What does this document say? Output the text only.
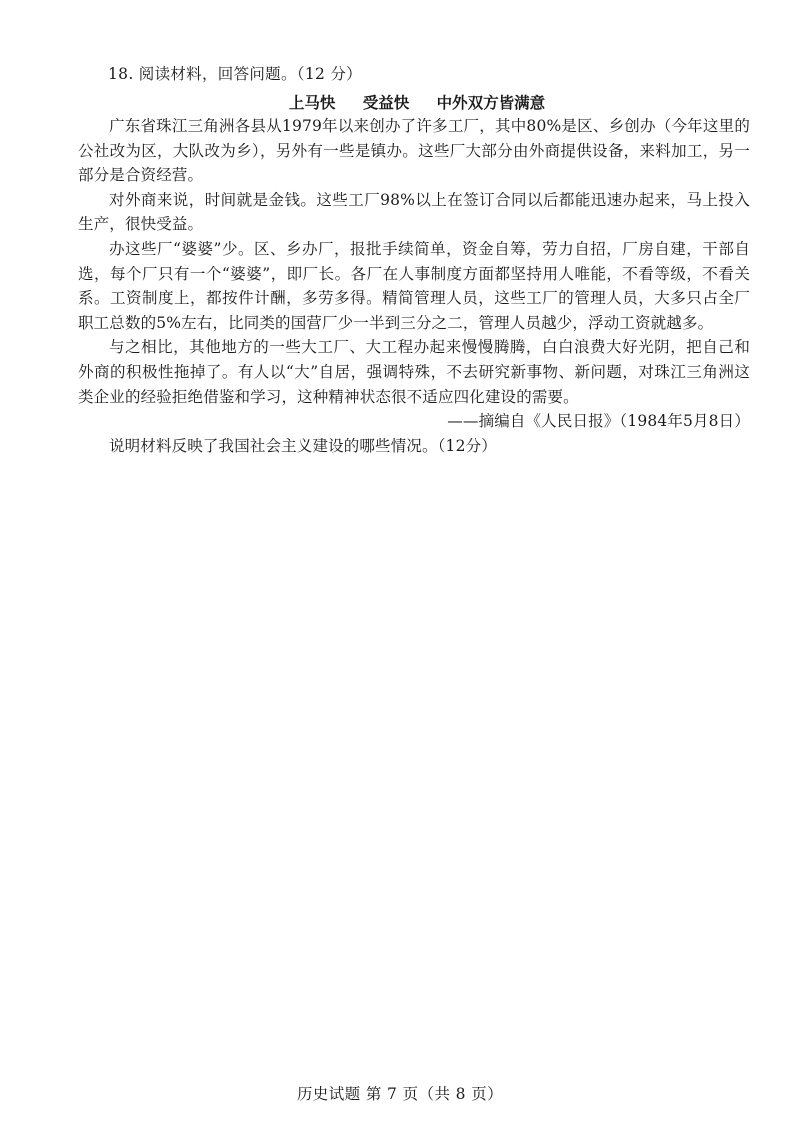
18. 阅读材料，回答问题。（12 分）
上马快 受益快 中外双方皆满意

广东省珠江三角洲各县从1979年以来创办了许多工厂，其中80%是区、乡创办（今年这里的公社改为区，大队改为乡），另外有一些是镇办。这些厂大部分由外商提供设备，来料加工，另一部分是合资经营。

对外商来说，时间就是金钱。这些工厂98%以上在签订合同以后都能迅速办起来，马上投入生产，很快受益。

办这些厂“婆婆”少。区、乡办厂，报批手续简单，资金自筹，劳力自招，厂房自建，干部自选，每个厂只有一个“婆婆”，即厂长。各厂在人事制度方面都坚持用人唯能，不看等级，不看关系。工资制度上，都按件计酬，多劳多得。精简管理人员，这些工厂的管理人员，大多只占全厂职工总数的5%左右，比同类的国营厂少一半到三分之二，管理人员越少，浮动工资就越多。

与之相比，其他地方的一些大工厂、大工程办起来慢慢腾腾，白白浪费大好光阴，把自己和外商的积极性拖掉了。有人以“大”自居，强调特殊，不去研究新事物、新问题，对珠江三角洲这类企业的经验拒绝借鉴和学习，这种精神状态很不适应四化建设的需要。

——摘编自《人民日报》（1984年5月8日）

说明材料反映了我国社会主义建设的哪些情况。（12分）

历史试题 第 7 页（共 8 页）
